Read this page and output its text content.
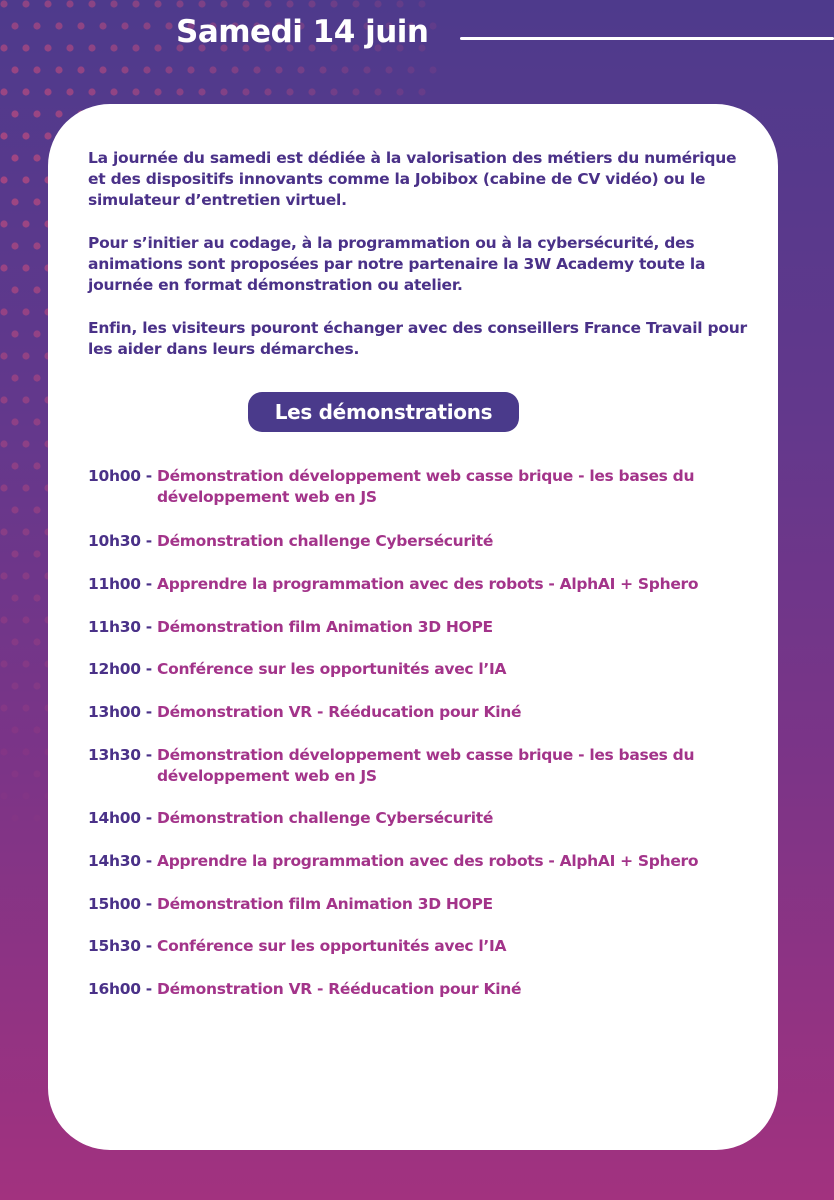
Samedi 14 juin

La journée du samedi est dédiée à la valorisation des métiers du numérique et des dispositifs innovants comme la Jobibox (cabine de CV vidéo) ou le simulateur d’entretien virtuel.

Pour s’initier au codage, à la programmation ou à la cybersécurité, des animations sont proposées par notre partenaire la 3W Academy toute la journée en format démonstration ou atelier.

Enfin, les visiteurs pouront échanger avec des conseillers France Travail pour les aider dans leurs démarches.

Les démonstrations
10h00 - Démonstration développement web casse brique - les bases du développement web en JS
10h30 - Démonstration challenge Cybersécurité
11h00 - Apprendre la programmation avec des robots - AlphAI + Sphero
11h30 - Démonstration film Animation 3D HOPE
12h00 - Conférence sur les opportunités avec l’IA
13h00 - Démonstration VR - Rééducation pour Kiné
13h30 - Démonstration développement web casse brique - les bases du développement web en JS
14h00 - Démonstration challenge Cybersécurité
14h30 - Apprendre la programmation avec des robots - AlphAI + Sphero
15h00 - Démonstration film Animation 3D HOPE
15h30 - Conférence sur les opportunités avec l’IA
16h00 - Démonstration VR - Rééducation pour Kiné
